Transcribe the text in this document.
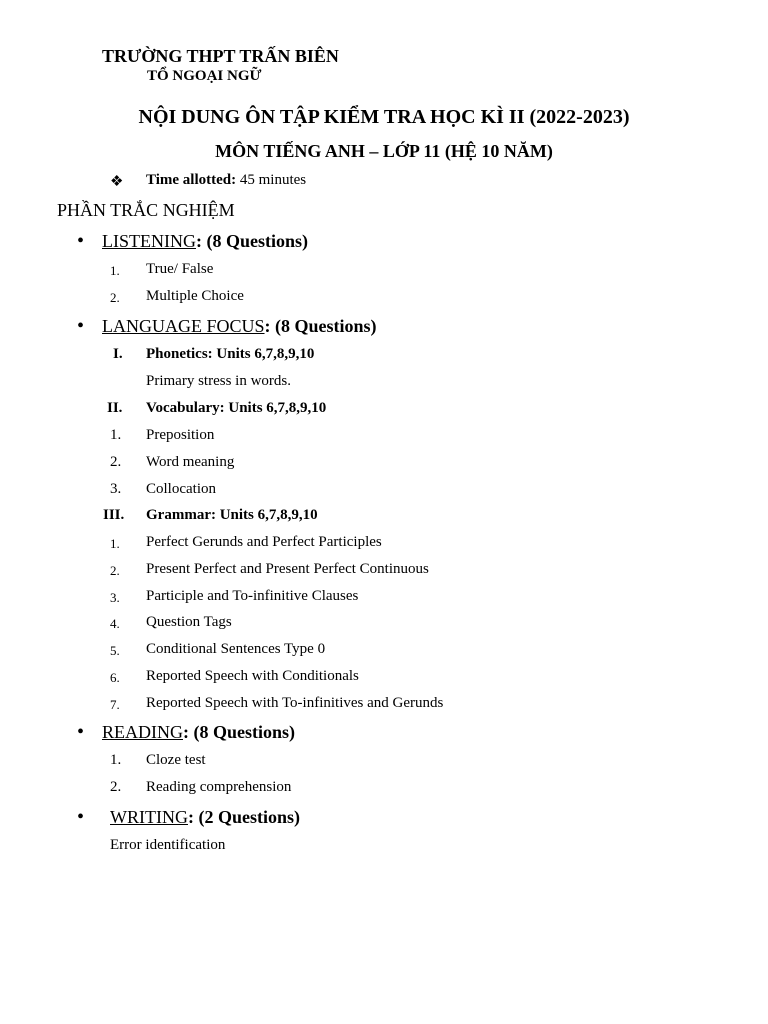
TRƯỜNG THPT TRẤN BIÊN
TỔ NGOẠI NGỮ
NỘI DUNG ÔN TẬP KIỂM TRA HỌC KÌ II (2022-2023)
MÔN TIẾNG ANH – LỚP 11 (HỆ 10 NĂM)
❖ Time allotted: 45 minutes
PHẦN TRẮC NGHIỆM
• LISTENING: (8 Questions)
1. True/ False
2. Multiple Choice
• LANGUAGE FOCUS: (8 Questions)
I. Phonetics: Units 6,7,8,9,10
Primary stress in words.
II. Vocabulary: Units 6,7,8,9,10
1. Preposition
2. Word meaning
3. Collocation
III. Grammar: Units 6,7,8,9,10
1. Perfect Gerunds and Perfect Participles
2. Present Perfect and Present Perfect Continuous
3. Participle and To-infinitive Clauses
4. Question Tags
5. Conditional Sentences Type 0
6. Reported Speech with Conditionals
7. Reported Speech with To-infinitives and Gerunds
• READING: (8 Questions)
1. Cloze test
2. Reading comprehension
• WRITING: (2 Questions)
Error identification
